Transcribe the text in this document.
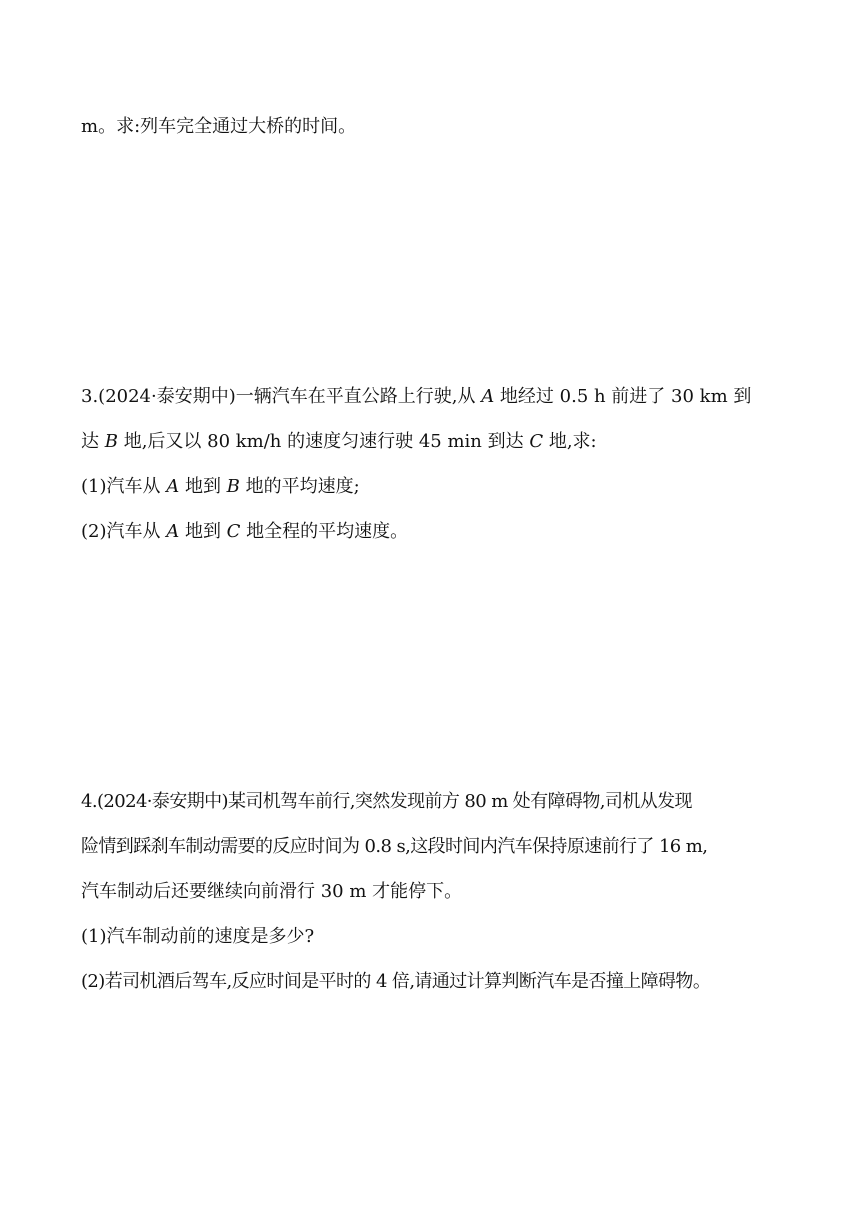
m。求:列车完全通过大桥的时间。

3.(2024·泰安期中)一辆汽车在平直公路上行驶,从 A 地经过 0.5 h 前进了 30 km 到

达 B 地,后又以 80 km/h 的速度匀速行驶 45 min 到达 C 地,求:

(1)汽车从 A 地到 B 地的平均速度;

(2)汽车从 A 地到 C 地全程的平均速度。

4.(2024·泰安期中)某司机驾车前行,突然发现前方 80 m 处有障碍物,司机从发现

险情到踩刹车制动需要的反应时间为 0.8 s,这段时间内汽车保持原速前行了 16 m,

汽车制动后还要继续向前滑行 30 m 才能停下。

(1)汽车制动前的速度是多少?

(2)若司机酒后驾车,反应时间是平时的 4 倍,请通过计算判断汽车是否撞上障碍物。
